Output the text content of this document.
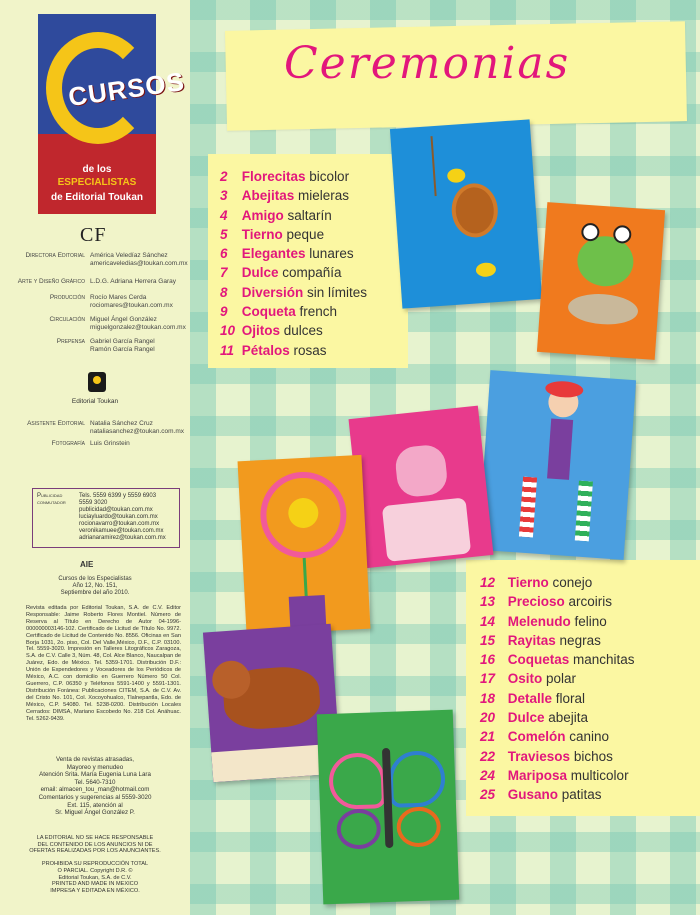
CURSOS
de los
ESPECIALISTAS
de Editorial Toukan
CF
Directora Editorial América Veledíaz Sánchez
americaveledias@toukan.com.mx
Arte y Diseño Gráfico L.D.G. Adriana Herrera Garay
Producción Rocío Mares Cerda
rociomares@toukan.com.mx
Circulación Miguel Ángel González
miguelgonzalez@toukan.com.mx
Prepensa Gabriel García Rangel
Ramón García Rangel
Editorial Toukan
Asistente Editorial Natalia Sánchez Cruz
nataliasanchez@toukan.com.mx
Fotografía Luis Grinstein
Publicidad conmutador
Tels. 5559 6399 y 5559 6903
5559 3020
publicidad@toukan.com.mx
luciayluardo@toukan.com.mx
rocionavarro@toukan.com.mx
veronikamuee@toukan.com.mx
adrianaramirez@toukan.com.mx
AIE
Cursos de los Especialistas
Año 12, No. 151,
Septiembre del año 2010.
Revista editada por Editorial Toukan, S.A. de C.V. Editor Responsable: Jaime Roberto Flores Montiel. Número de Reserva al Título en Derecho de Autor 04-1996-000000003146-102. Certificado de Licitud de Título No. 9972. Certificado de Licitud de Contenido No. 8556. Oficinas en San Borja 1031, 2o. piso, Col. Del Valle,México, D.F., C.P. 03100. Tel. 5559-3020. Impresión en Talleres Litográficos Zaragoza, S.A. de C.V. Calle 3, Núm. 48, Col. Alce Blanco, Naucalpan de Juárez, Edo. de México. Tel. 5359-1701. Distribución D.F.: Unión de Expendedores y Voceadores de los Periódicos de México, A.C. con domicilio en Guerrero Número 50 Col. Guerrero, C.P. 06350 y Teléfonos 5591-1400 y 5591-1301. Distribución Foránea: Publicaciones CITEM, S.A. de C.V. Av. del Cristo No. 101, Col. Xocoyohualco, Tlalnepantla, Edo. de México, C.P. 54080. Tel. 5238-0200. Distribución Locales Cerrados: DIMSA, Mariano Escobedo No. 218 Col. Anáhuac. Tel. 5262-9439.
Venta de revistas atrasadas,
Mayoreo y menudeo
Atención Srita. María Eugenia Luna Lara
Tel. 5640-7310
email: almacen_tou_man@hotmail.com
Comentarios y sugerencias al 5559-3020
Ext. 115, atención al
Sr. Miguel Ángel González P.
LA EDITORIAL NO SE HACE RESPONSABLE
DEL CONTENIDO DE LOS ANUNCIOS NI DE
OFERTAS REALIZADAS POR LOS ANUNCIANTES.

PROHIBIDA SU REPRODUCCIÓN TOTAL
O PARCIAL. Copyright D.R. ©
Editorial Toukan, S.A. de C.V.
PRINTED AND MADE IN MEXICO
IMPRESA Y EDITADA EN MÉXICO.
Ceremonias
2 Florecitas bicolor
3 Abejitas mieleras
4 Amigo saltarín
5 Tierno peque
6 Elegantes lunares
7 Dulce compañía
8 Diversión sin límites
9 Coqueta french
10 Ojitos dulces
11 Pétalos rosas
12 Tierno conejo
13 Precioso arcoiris
14 Melenudo felino
15 Rayitas negras
16 Coquetas manchitas
17 Osito polar
18 Detalle floral
20 Dulce abejita
21 Comelón canino
22 Traviesos bichos
24 Mariposa multicolor
25 Gusano patitas
